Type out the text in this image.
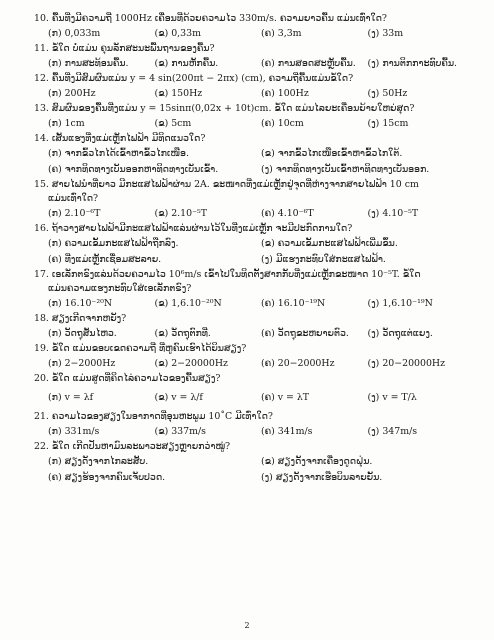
10. ຄື້ນທີ່ງມີຄວາມຖີ່ 1000Hz ເຄື່ອນທີ່ດ້ວຍຄວາມໄວ 330m/s. ຄວາມຍາວຄື້ນ ແມ່ນເທົ່າໃດ?
(ກ) 0,033m	(ຂ) 0,33m	(ຄ) 3,3m	(ງ) 33m
11. ຂໍ້ໃດ ບໍ່ແມ່ນ ຄຸນລັກສະນະພື້ນຖານຂອງຄື້ນ?
(ກ) ການສະທ້ອນຄື້ນ.	(ຂ) ການຫັກຄື້ນ.	(ຄ) ການສອດສະຫຼັບຄື້ນ.	(ງ) ການຕິກກາະທົບຄື້ນ.
12. ຄື້ນທີ່ງມີສົມຜົນແມ່ນ y = 4 sin(200πt − 2πx) (cm), ຄວາມຖີ່ຄື້ນແມ່ນຂໍ້ໃດ?
(ກ) 200Hz	(ຂ) 150Hz	(ຄ) 100Hz	(ງ) 50Hz
13. ສົມຜົນຂອງຄື້ນທີ່ງແມ່ນ y = 15sinπ(0,02x + 10t)cm. ຂໍ້ໃດ ແມ່ນໄລຍະເຄື່ອນຍ້າຍໃຫຍ່ສຸດ?
(ກ) 1cm	(ຂ) 5cm	(ຄ) 10cm	(ງ) 15cm
14. ເສັ້ນແຮງທີ່ງແມ່ເຫຼັກໄຟຟ້າ ມີທິດແນວໃດ?
(ກ) ຈາກຂົ້ວໄກໄດ້ເຂົ້າຫາຂົ້ວໄກເໜືອ.	(ຂ) ຈາກຂົ້ວໄກເໜືອເຂົ້າຫາຂົ້ວໄກໃຕ້.
(ຄ) ຈາກທິດທາງເບັນອອກຫາທິດທາງເບັນເຂົ້າ.	(ງ) ຈາກທິດທາງເບັນເຂົ້າຫາທິດທາງເບັນອອກ.
15. ສາຍໄຟນຳທີ່ຍາວ ມີກະແສໄຟຟ້າຜ່ານ 2A. ຂະໜາດທີ່ງແມ່ເຫຼັກຢູ່ຈຸດທີ່ຫ່າງຈາກສາຍໄຟຟ້າ 10 cm
ແມ່ນເທົ່າໃດ?
(ກ) 2.10⁻⁶T	(ຂ) 2.10⁻⁵T	(ຄ) 4.10⁻⁶T	(ງ) 4.10⁻⁵T
16. ຖ້າວາງສາຍໄຟຟ້າມີກະແສໄຟຟ້າແລ່ນຜ່ານໄວ້ໃນທີ່ງແມ່ເຫຼັກ ຈະມີປະກົດການໃດ?
(ກ) ຄວາມເຂັ້ມກະແສໄຟຟ້າຖືກລົງ.	(ຂ) ຄວາມເຂັ້ມກະແສໄຟຟ້າເພີ່ມຂຶ້ນ.
(ຄ) ທີ່ງແມ່ເຫຼັກເຊື່ອມສະລາຍ.	(ງ) ມີແຮງກະທົບໃສ່ກະແສໄຟຟ້າ.
17. ເອເລັກຕຣົງແລ່ນດ້ວຍຄວາມໄວ 10⁶m/s ເຂົ້າໄປໃນທິດຕັ້ງສາກກັບທີ່ງແມ່ເຫຼັກຂະໜາດ 10⁻⁵T. ຂໍ້ໃດ
ແມ່ນຄວາມແຮງກະທົບໃສ່ເອເລັກຕຣົງ?
(ກ) 16.10⁻²⁰N	(ຂ) 1,6.10⁻²⁰N	(ຄ) 16.10⁻¹⁹N	(ງ) 1,6.10⁻¹⁹N
18. ສຽງເກີດຈາກຫຍັງ?
(ກ) ວັດຖຸສັ່ນໄຫວ.	(ຂ) ວັດຖຸຕົກທີ່.	(ຄ) ວັດຖຸຂະຫຍາຍຕົວ.	(ງ) ວັດຖຸແຕ່ແຍງ.
19. ຂໍ້ໃດ ແມ່ນຂອບເຂດຄວາມຖີ່ ທີ່ຫູຄົນເຮົາໄດ້ຍິນສຽງ?
(ກ) 2−2000Hz	(ຂ) 2−20000Hz	(ຄ) 20−2000Hz	(ງ) 20−20000Hz
20. ຂໍ້ໃດ ແມ່ນສູດທີ່ຄິດໄລ່ຄວາມໄວຂອງຄື້ນສຽງ?
(ກ) v = λf	(ຂ) v = λ/f	(ຄ) v = λT	(ງ) v = T/λ
21. ຄວາມໄວຂອງສຽງໃນອາກາດທີ່ອຸນຫະພູມ 10˚C ມີເທົ່າໃດ?
(ກ) 331m/s	(ຂ) 337m/s	(ຄ) 341m/s	(ງ) 347m/s
22. ຂໍ້ໃດ ເກີດປັນຫາມົນລະພາວະສຽງຫຼາຍກວ່າໝູ່?
(ກ) ສຽງດັງຈາກໄກລະສັບ.	(ຂ) ສຽງດັງຈາກເຄື່ອງດູດຝຸ່ນ.
(ຄ) ສຽງຮ້ອງຈາກຄົນເຈັບປວດ.	(ງ) ສຽງດັງຈາກເຮືອບິນລາຍຍັ້ນ.
2
